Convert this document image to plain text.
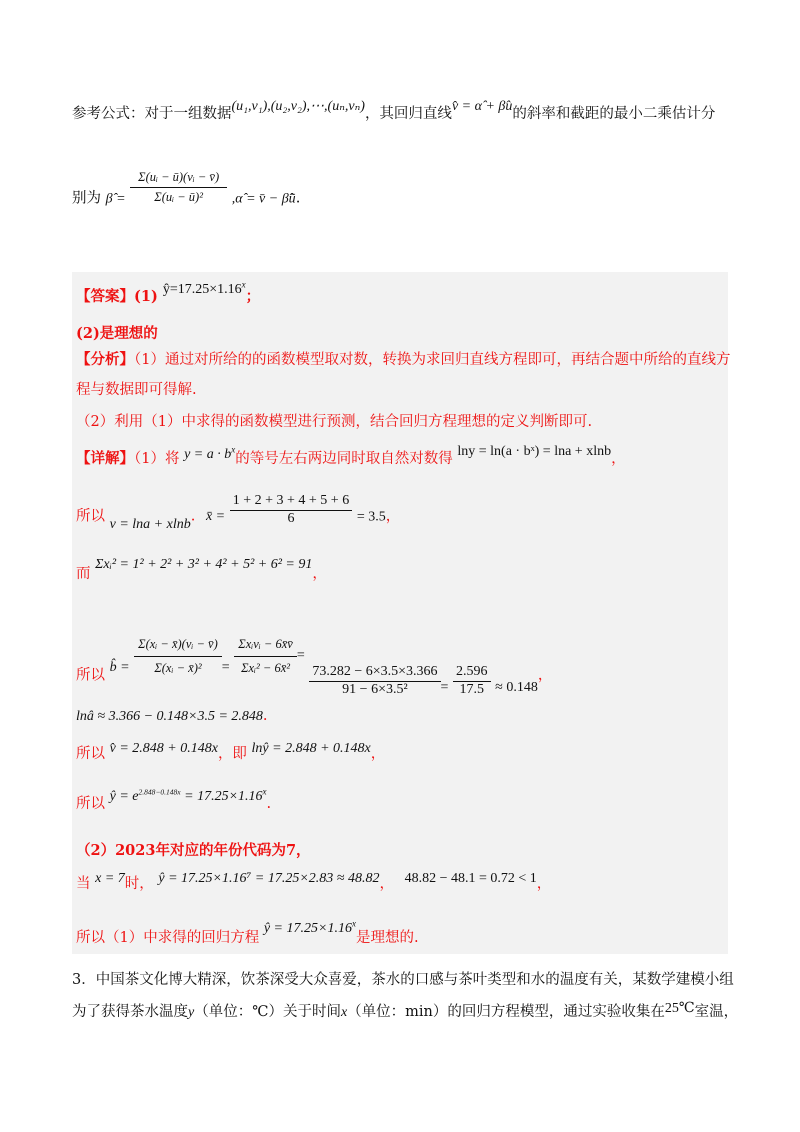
参考公式：对于一组数据(u₁,v₁),(u₂,v₂),⋯,(uₙ,vₙ)，其回归直线v̂ = α̂ + β̂u的斜率和截距的最小二乘估计分
别为 β̂ = $\frac{\text{Σ(uᵢ − ū)(vᵢ − v̄)}}{\text{Σ(uᵢ − ū)²}}$ ,α̂ = v̄ − β̂ū.
【答案】(1) $ŷ=17.25\times 1.16^x$；
(2)是理想的
【分析】（1）通过对所给的的函数模型取对数，转换为求回归直线方程即可，再结合题中所给的直线方
程与数据即可得解.
（2）利用（1）中求得的函数模型进行预测，结合回归方程理想的定义判断即可.
【详解】（1）将 $y = a \cdot b^x$的等号左右两边同时取自然对数得 lny = ln(a · bˣ) = lna + xlnb，
所以 v = lna + xlnb. x̄ = $\frac{1 + 2 + 3 + 4 + 5 + 6}{6} = 3.5$，
而 Σxᵢ² = 1² + 2² + 3² + 4² + 5² + 6² = 91，
所以 b̂ = $\frac{\text{Σ(xᵢ − x̄)(vᵢ − v̄)}}{\text{Σ(xᵢ − x̄)²}} = \frac{\text{Σxᵢvᵢ − 6x̄v̄}}{\text{Σxᵢ² − 6x̄²}}$ =
$\frac{73.282 - 6\times 3.5\times 3.366}{\text{91 − 6×3.5²}} = \frac{2.596}{17.5} \approx 0.148$，
lnâ ≈ 3.366 − 0.148×3.5 = 2.848.
所以 v̂ = 2.848 + 0.148x，即 lnŷ = 2.848 + 0.148x，
所以 ŷ = $e^{2.848-0.148x} = 17.25\times 1.16^x$.
（2）2023年对应的年份代码为7，
当 x = 7时， ŷ = 17.25×1.16⁷ = 17.25×2.83 ≈ 48.82， 48.82 − 48.1 = 0.72 < 1，
所以（1）中求得的回归方程 ŷ = $17.25\times 1.16^x$是理想的.
3．中国茶文化博大精深，饮茶深受大众喜爱，茶水的口感与茶叶类型和水的温度有关，某数学建模小组
为了获得茶水温度y（单位：℃）关于时间x（单位：min）的回归方程模型，通过实验收集在25℃室温，
